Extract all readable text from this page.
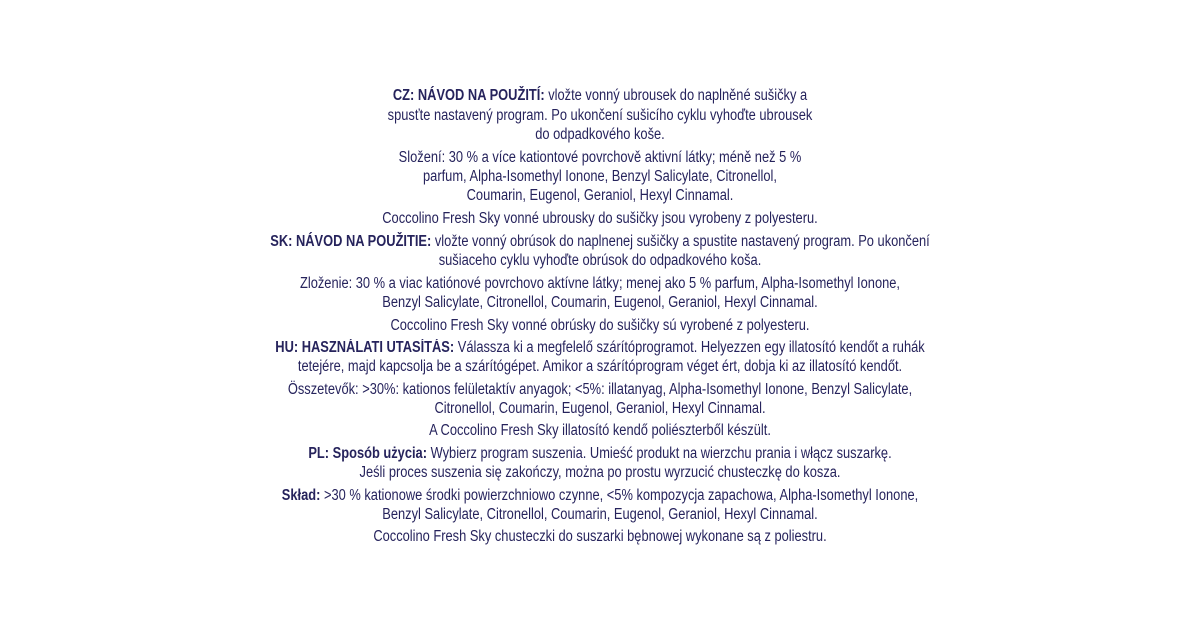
CZ: NÁVOD NA POUŽITÍ: vložte vonný ubrousek do naplněné sušičky a
spusťte nastavený program. Po ukončení sušicího cyklu vyhoďte ubrousek
do odpadkového koše.
Složení: 30 % a více kationtové povrchově aktivní látky; méně než 5 %
parfum, Alpha-Isomethyl Ionone, Benzyl Salicylate, Citronellol,
Coumarin, Eugenol, Geraniol, Hexyl Cinnamal.
Coccolino Fresh Sky vonné ubrousky do sušičky jsou vyrobeny z polyesteru.
SK: NÁVOD NA POUŽITIE: vložte vonný obrúsok do naplnenej sušičky a spustite nastavený program. Po ukončení
sušiaceho cyklu vyhoďte obrúsok do odpadkového koša.
Zloženie: 30 % a viac katiónové povrchovo aktívne látky; menej ako 5 % parfum, Alpha-Isomethyl Ionone,
Benzyl Salicylate, Citronellol, Coumarin, Eugenol, Geraniol, Hexyl Cinnamal.
Coccolino Fresh Sky vonné obrúsky do sušičky sú vyrobené z polyesteru.
HU: HASZNÁLATI UTASÍTÁS: Válassza ki a megfelelő szárítóprogramot. Helyezzen egy illatosító kendőt a ruhák
tetejére, majd kapcsolja be a szárítógépet. Amikor a szárítóprogram véget ért, dobja ki az illatosító kendőt.
Összetevők: >30%: kationos felületaktív anyagok; <5%: illatanyag, Alpha-Isomethyl Ionone, Benzyl Salicylate,
Citronellol, Coumarin, Eugenol, Geraniol, Hexyl Cinnamal.
A Coccolino Fresh Sky illatosító kendő poliészterből készült.
PL: Sposób użycia: Wybierz program suszenia. Umieść produkt na wierzchu prania i włącz suszarkę.
Jeśli proces suszenia się zakończy, można po prostu wyrzucić chusteczkę do kosza.
Skład: >30 % kationowe środki powierzchniowo czynne, <5% kompozycja zapachowa, Alpha-Isomethyl Ionone,
Benzyl Salicylate, Citronellol, Coumarin, Eugenol, Geraniol, Hexyl Cinnamal.
Coccolino Fresh Sky chusteczki do suszarki bębnowej wykonane są z poliestru.
